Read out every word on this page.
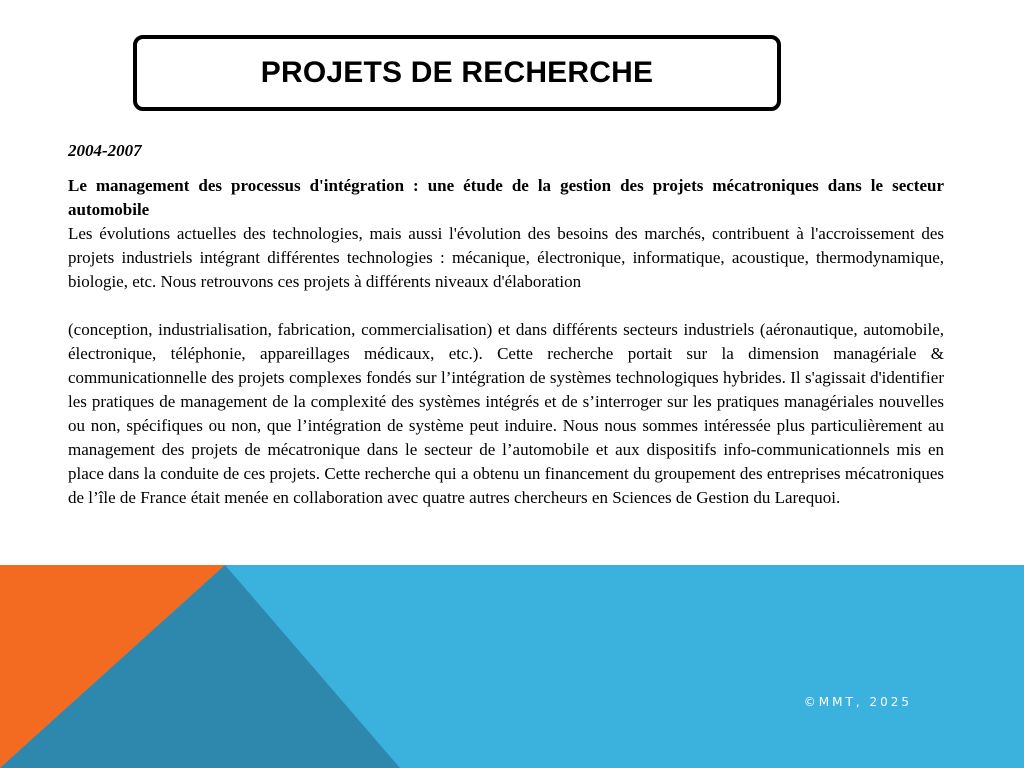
PROJETS DE RECHERCHE

2004-2007

Le management des processus d'intégration : une étude de la gestion des projets mécatroniques dans le secteur automobile

Les évolutions actuelles des technologies, mais aussi l'évolution des besoins des marchés, contribuent à l'accroissement des projets industriels intégrant différentes technologies : mécanique, électronique, informatique, acoustique, thermodynamique, biologie, etc. Nous retrouvons ces projets à différents niveaux d'élaboration

(conception, industrialisation, fabrication, commercialisation) et dans différents secteurs industriels (aéronautique, automobile, électronique, téléphonie, appareillages médicaux, etc.). Cette recherche portait sur la dimension managériale & communicationnelle des projets complexes fondés sur l’intégration de systèmes technologiques hybrides. Il s'agissait d'identifier les pratiques de management de la complexité des systèmes intégrés et de s’interroger sur les pratiques managériales nouvelles ou non, spécifiques ou non, que l’intégration de système peut induire. Nous nous sommes intéressée plus particulièrement au management des projets de mécatronique dans le secteur de l’automobile et aux dispositifs info-communicationnels mis en place dans la conduite de ces projets. Cette recherche qui a obtenu un financement du groupement des entreprises mécatroniques de l’île de France était menée en collaboration avec quatre autres chercheurs en Sciences de Gestion du Larequoi.

©MMT, 2025
